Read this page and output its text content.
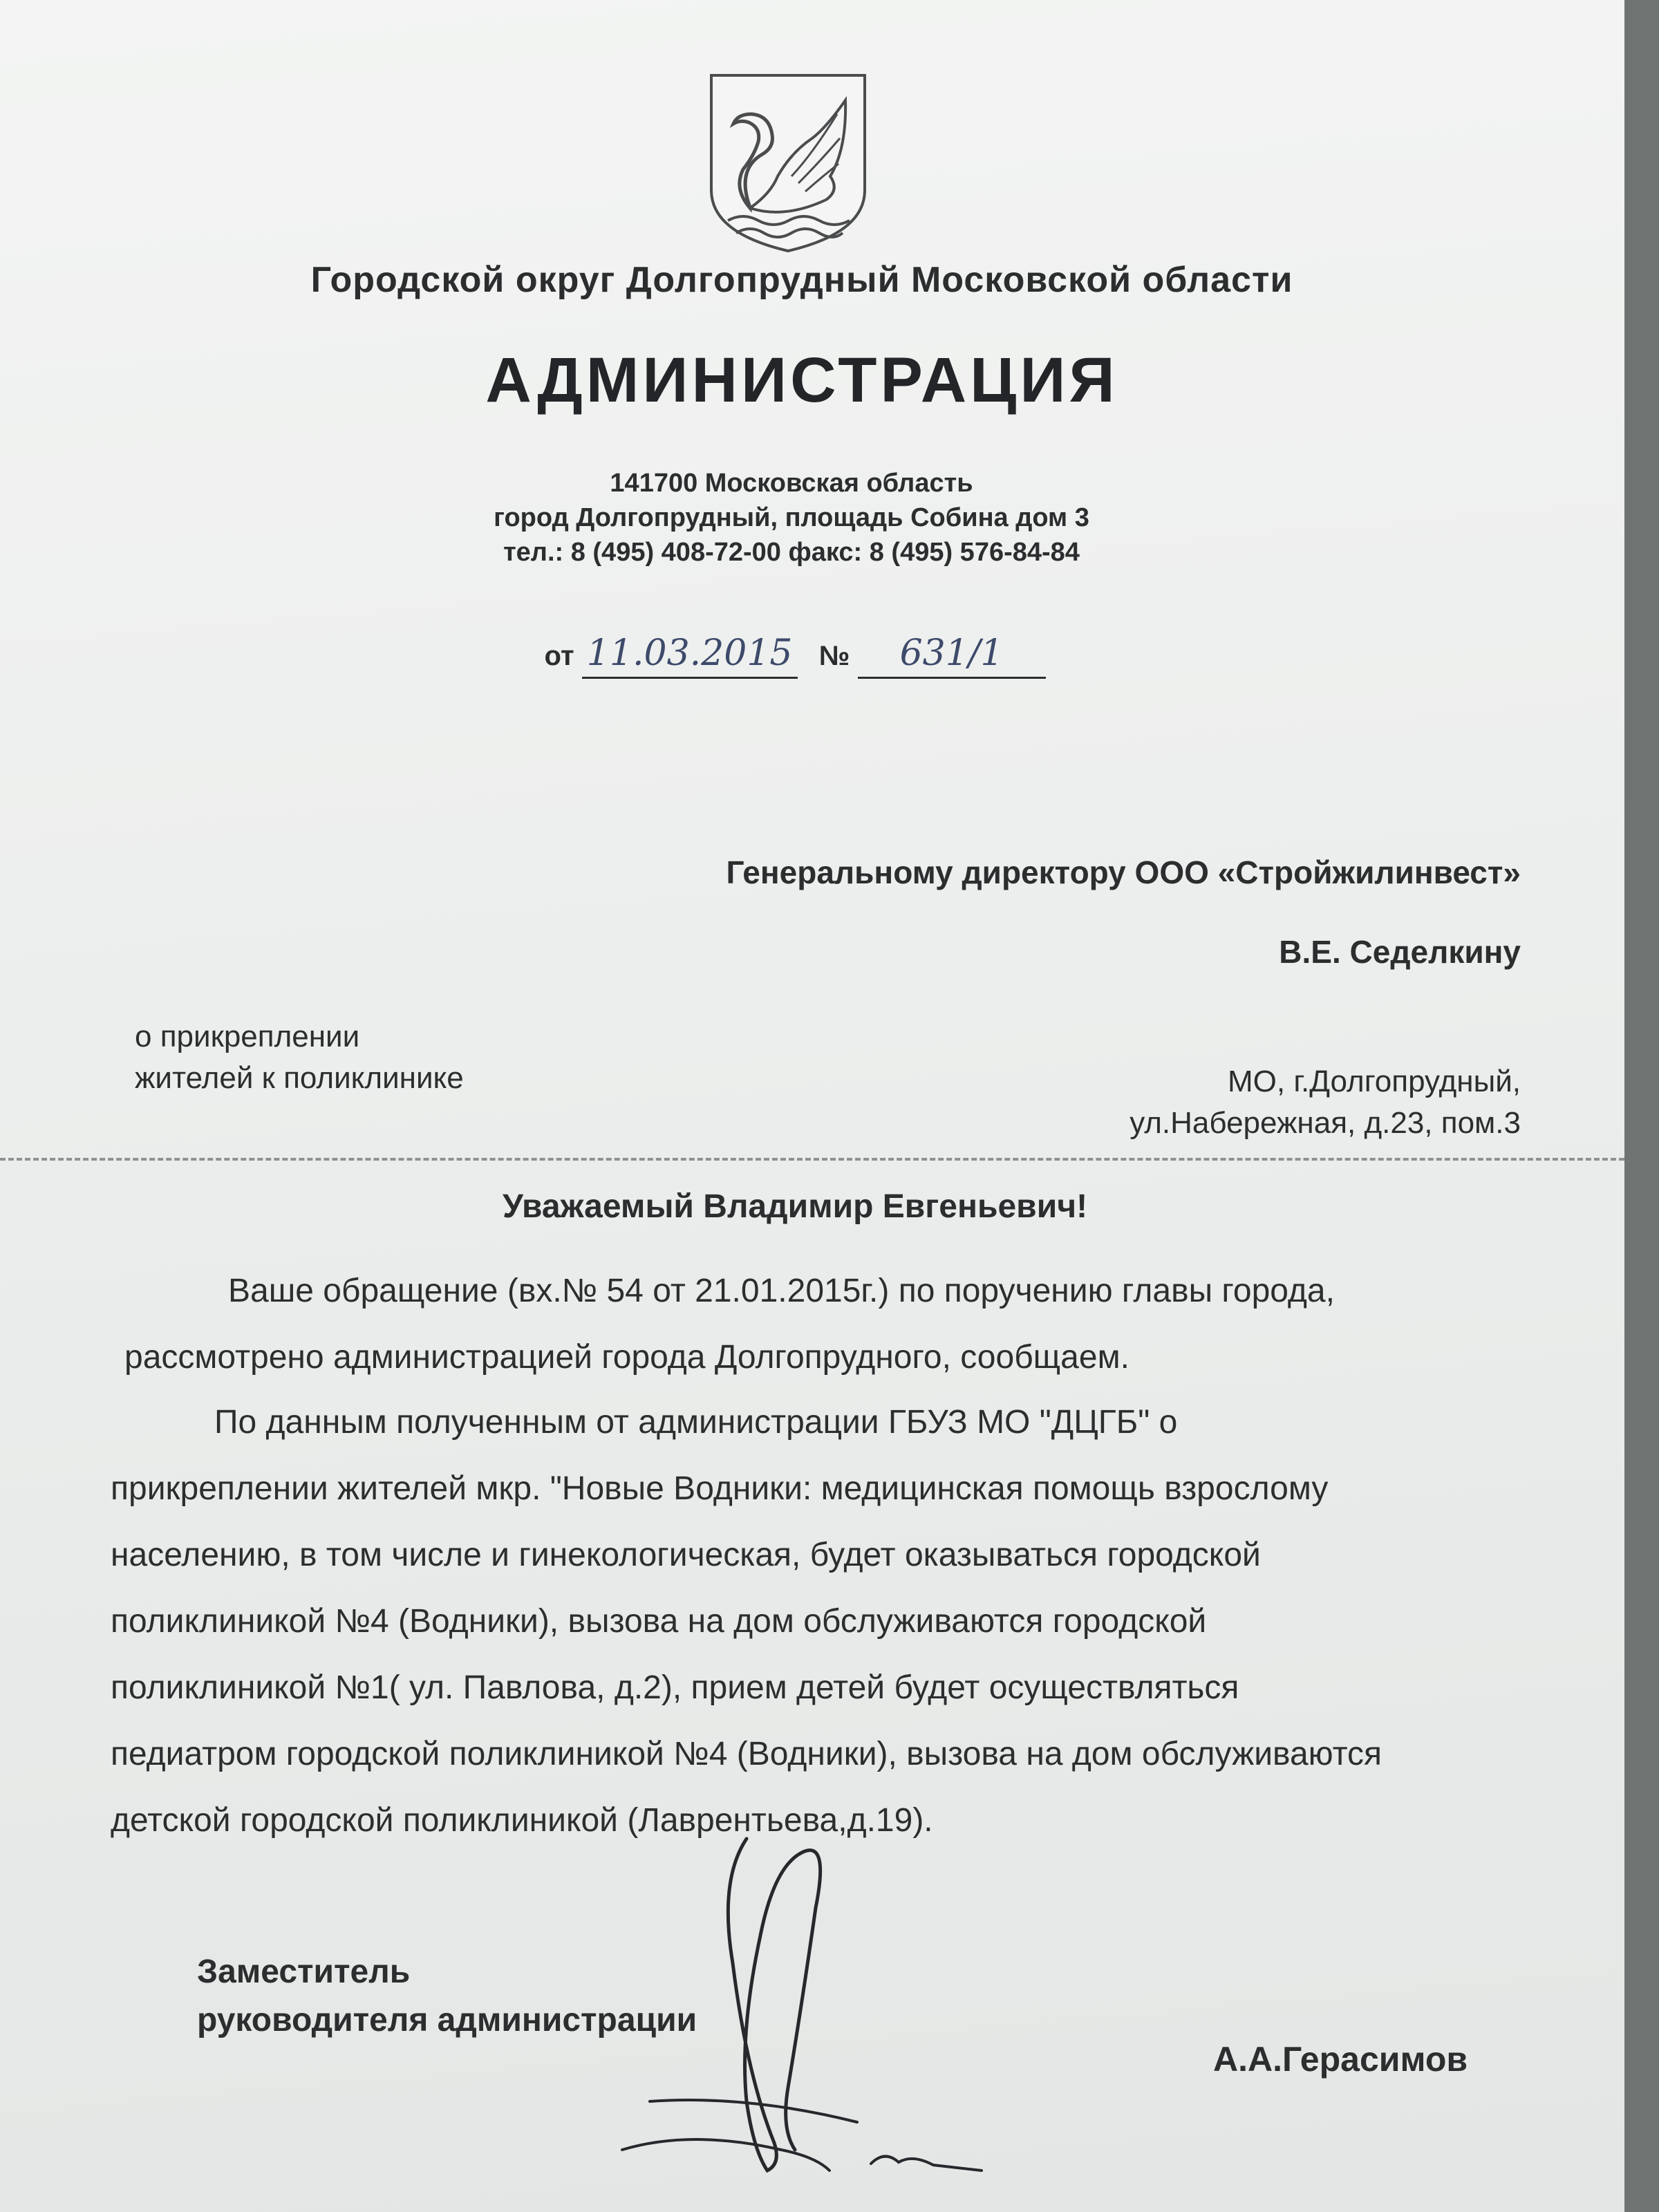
Городской округ Долгопрудный Московской области
АДМИНИСТРАЦИЯ
141700 Московская область
город Долгопрудный, площадь Собина дом 3
тел.: 8 (495) 408-72-00 факс: 8 (495) 576-84-84
от 11.03.2015 № 631/1
Генеральному директору ООО «Стройжилинвест»
В.Е. Седелкину
о прикреплении
жителей к поликлинике	МО, г.Долгопрудный,
ул.Набережная, д.23, пом.3
Уважаемый Владимир Евгеньевич!
Ваше обращение (вх.№ 54 от 21.01.2015г.) по поручению главы города,
рассмотрено администрацией города Долгопрудного, сообщаем.
По данным полученным от администрации ГБУЗ МО "ДЦГБ" о
прикреплении жителей мкр. "Новые Водники: медицинская помощь взрослому
населению, в том числе и гинекологическая, будет оказываться городской
поликлиникой №4 (Водники), вызова на дом обслуживаются городской
поликлиникой №1( ул. Павлова, д.2), прием детей будет осуществляться
педиатром городской поликлиникой №4 (Водники), вызова на дом обслуживаются
детской городской поликлиникой (Лаврентьева,д.19).
Заместитель
руководителя администрации
А.А.Герасимов
